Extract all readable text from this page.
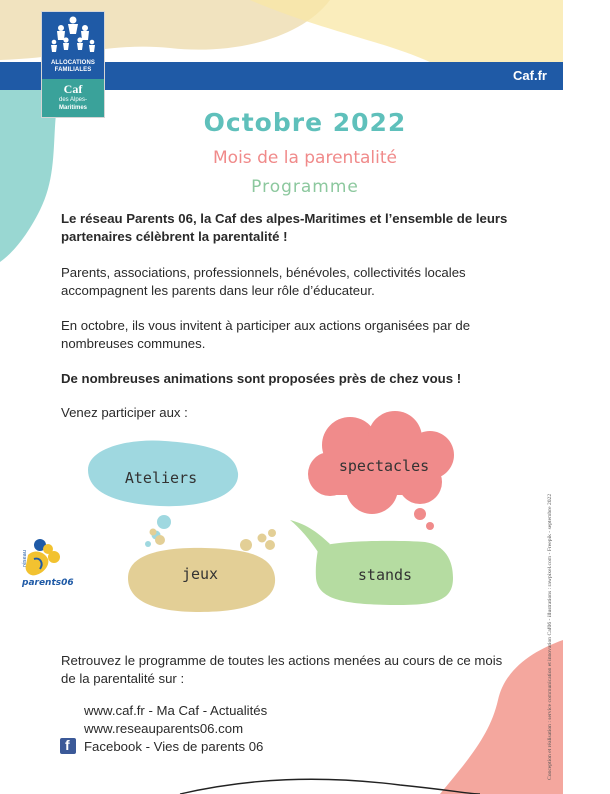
Caf.fr
ALLOCATIONS
FAMILIALES
Caf
des Alpes-
Maritimes	Octobre 2022
Mois de la parentalité
Programme

Le réseau Parents 06, la Caf des alpes-Maritimes et l’ensemble de leurs partenaires célèbrent la parentalité !

Parents, associations, professionnels, bénévoles, collectivités locales accompagnent les parents dans leur rôle d’éducateur.

En octobre, ils vous invitent à participer aux actions organisées par de nombreuses communes.

De nombreuses animations sont proposées près de chez vous !

Venez participer aux :

Ateliers
spectacles
jeux	stands
réseau
parents06

Retrouvez le programme de toutes les actions menées au cours de ce mois de la parentalité sur :

www.caf.fr - Ma Caf - Actualités
www.reseauparents06.com
Facebook - Vies de parents 06
f	Conception et réalisation : service communication et innovation Caf06 - illustrations : rawpixel.com - Freepik - septembre 2022
